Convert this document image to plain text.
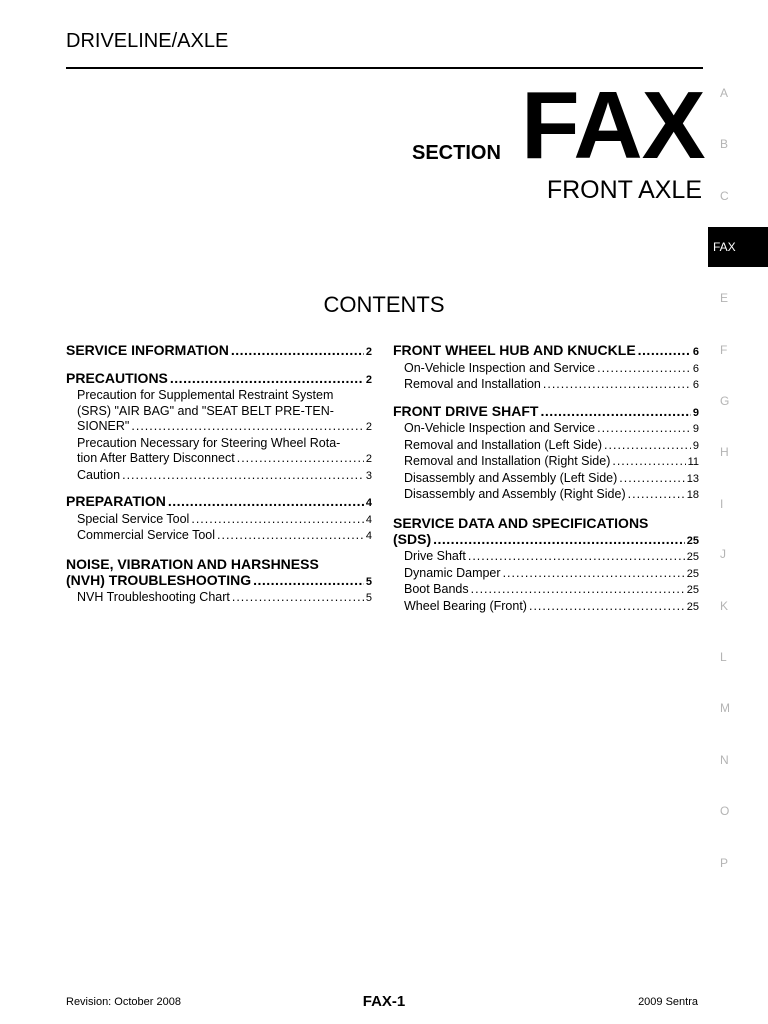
DRIVELINE/AXLE
SECTION FAX
FRONT AXLE
CONTENTS
SERVICE INFORMATION .....	2
PRECAUTIONS .....	2
Precaution for Supplemental Restraint System
(SRS) "AIR BAG" and "SEAT BELT PRE-TEN-
SIONER" .....	2
Precaution Necessary for Steering Wheel Rota-
tion After Battery Disconnect .....	2
Caution .....	3
PREPARATION .....	4
Special Service Tool .....	4
Commercial Service Tool .....	4
NOISE, VIBRATION AND HARSHNESS
(NVH) TROUBLESHOOTING .....	5
NVH Troubleshooting Chart .....	5
FRONT WHEEL HUB AND KNUCKLE .....	6
On-Vehicle Inspection and Service .....	6
Removal and Installation .....	6
FRONT DRIVE SHAFT .....	9
On-Vehicle Inspection and Service .....	9
Removal and Installation (Left Side) .....	9
Removal and Installation (Right Side) .....	11
Disassembly and Assembly (Left Side) .....	13
Disassembly and Assembly (Right Side) .....	18
SERVICE DATA AND SPECIFICATIONS
(SDS) .....	25
Drive Shaft .....	25
Dynamic Damper .....	25
Boot Bands .....	25
Wheel Bearing (Front) .....	25
A
B
C
FAX
E
F
G
H
I
J
K
L
M
N
O
P
Revision: October 2008	FAX-1	2009 Sentra
